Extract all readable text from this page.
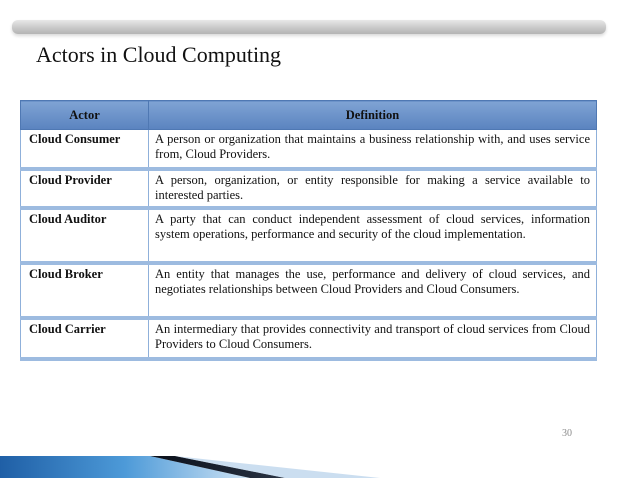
Actors in Cloud Computing
Actor	Definition
Cloud Consumer	A person or organization that maintains a business relationship with, and uses service from, Cloud Providers.
Cloud Provider	A person, organization, or entity responsible for making a service available to interested parties.
Cloud Auditor	A party that can conduct independent assessment of cloud services, information system operations, performance and security of the cloud implementation.
Cloud Broker	An entity that manages the use, performance and delivery of cloud services, and negotiates relationships between Cloud Providers and Cloud Consumers.
Cloud Carrier	An intermediary that provides connectivity and transport of cloud services from Cloud Providers to Cloud Consumers.
30
